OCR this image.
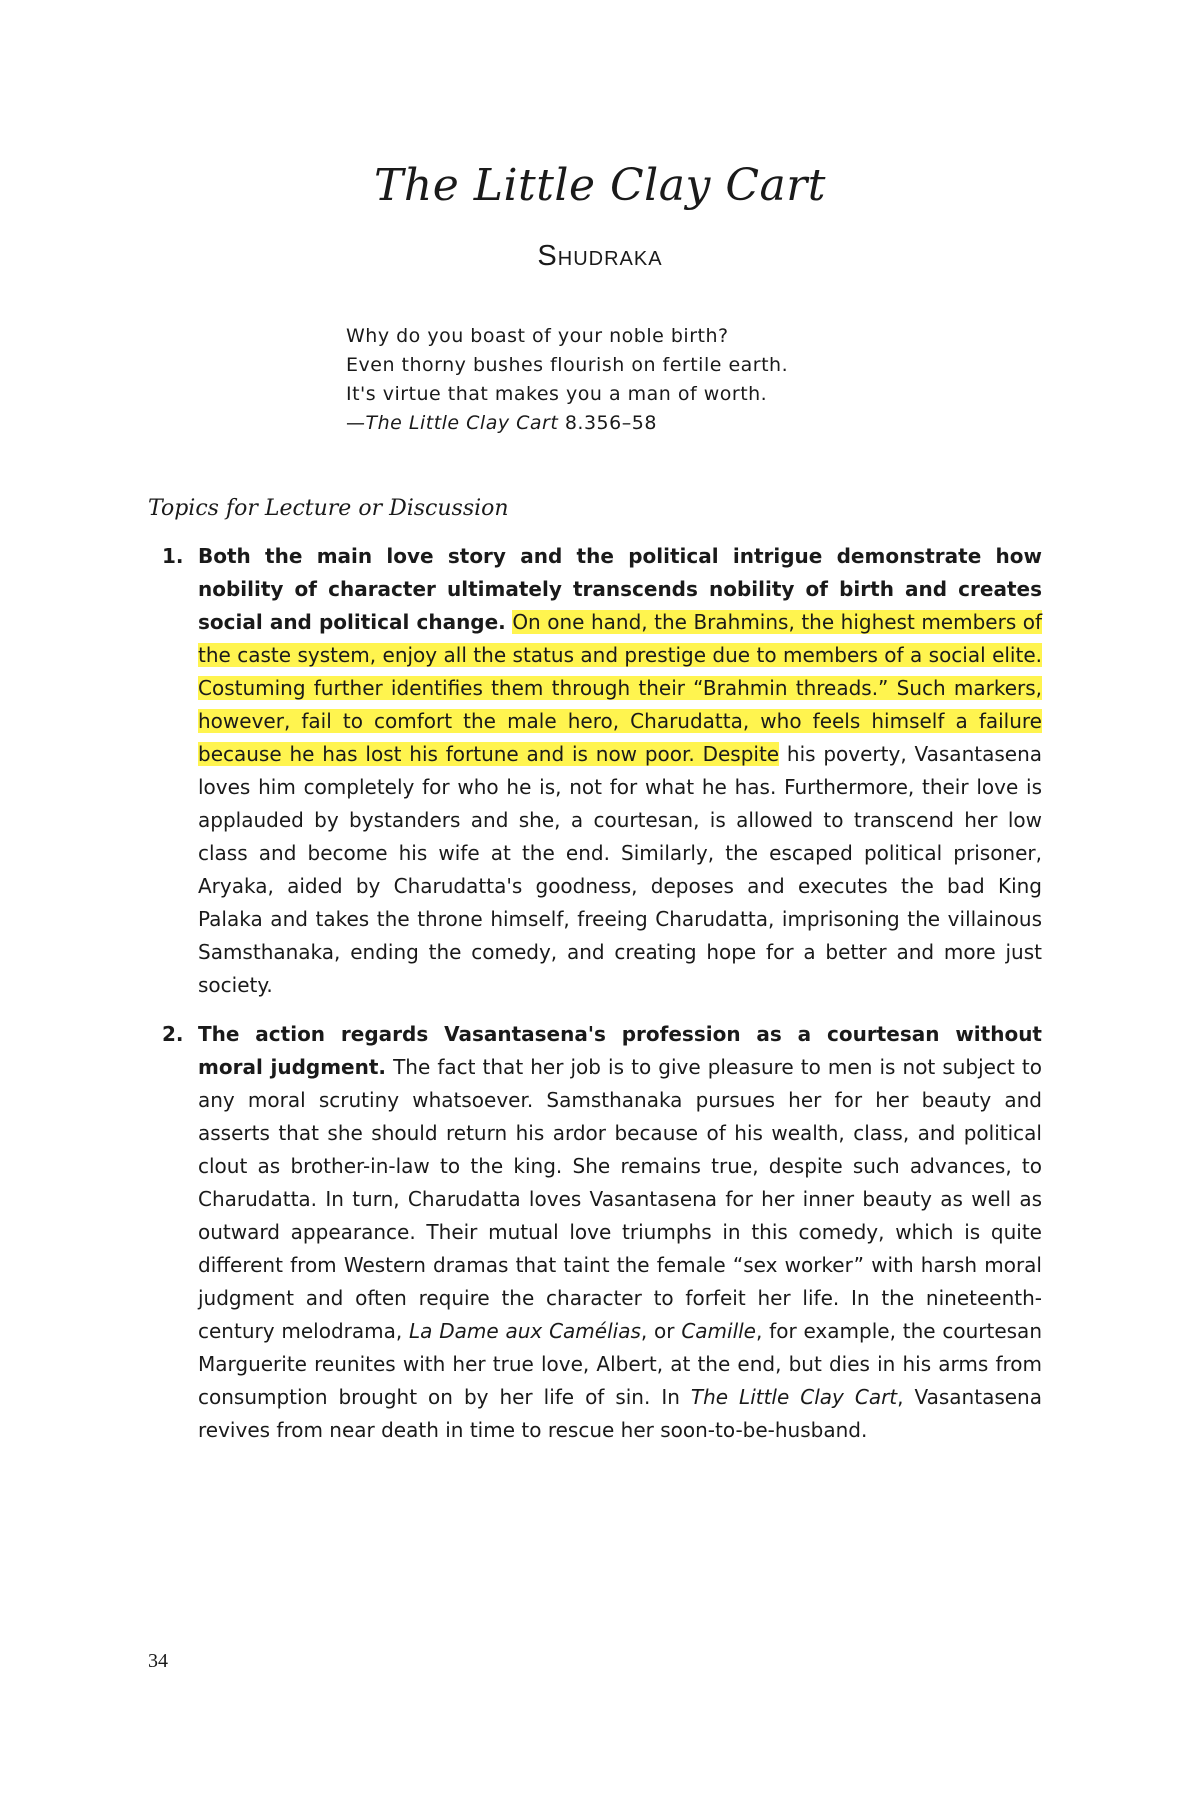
The Little Clay Cart
Shudraka
Why do you boast of your noble birth?
Even thorny bushes flourish on fertile earth.
It's virtue that makes you a man of worth.
—The Little Clay Cart 8.356–58
Topics for Lecture or Discussion
1. Both the main love story and the political intrigue demonstrate how nobility of character ultimately transcends nobility of birth and creates social and political change. On one hand, the Brahmins, the highest members of the caste system, enjoy all the status and prestige due to members of a social elite. Costuming further identifies them through their “Brahmin threads.” Such markers, however, fail to comfort the male hero, Charudatta, who feels himself a failure because he has lost his fortune and is now poor. Despite his poverty, Vasantasena loves him completely for who he is, not for what he has. Furthermore, their love is applauded by bystanders and she, a courtesan, is allowed to transcend her low class and become his wife at the end. Similarly, the escaped political prisoner, Aryaka, aided by Charudatta's goodness, deposes and executes the bad King Palaka and takes the throne himself, freeing Charudatta, imprisoning the villainous Samsthanaka, ending the comedy, and creating hope for a better and more just society.
2. The action regards Vasantasena's profession as a courtesan without moral judgment. The fact that her job is to give pleasure to men is not subject to any moral scrutiny whatsoever. Samsthanaka pursues her for her beauty and asserts that she should return his ardor because of his wealth, class, and political clout as brother-in-law to the king. She remains true, despite such advances, to Charudatta. In turn, Charudatta loves Vasantasena for her inner beauty as well as outward appearance. Their mutual love triumphs in this comedy, which is quite different from Western dramas that taint the female “sex worker” with harsh moral judgment and often require the character to forfeit her life. In the nineteenth-century melodrama, La Dame aux Camélias, or Camille, for example, the courtesan Marguerite reunites with her true love, Albert, at the end, but dies in his arms from consumption brought on by her life of sin. In The Little Clay Cart, Vasantasena revives from near death in time to rescue her soon-to-be-husband.
34
